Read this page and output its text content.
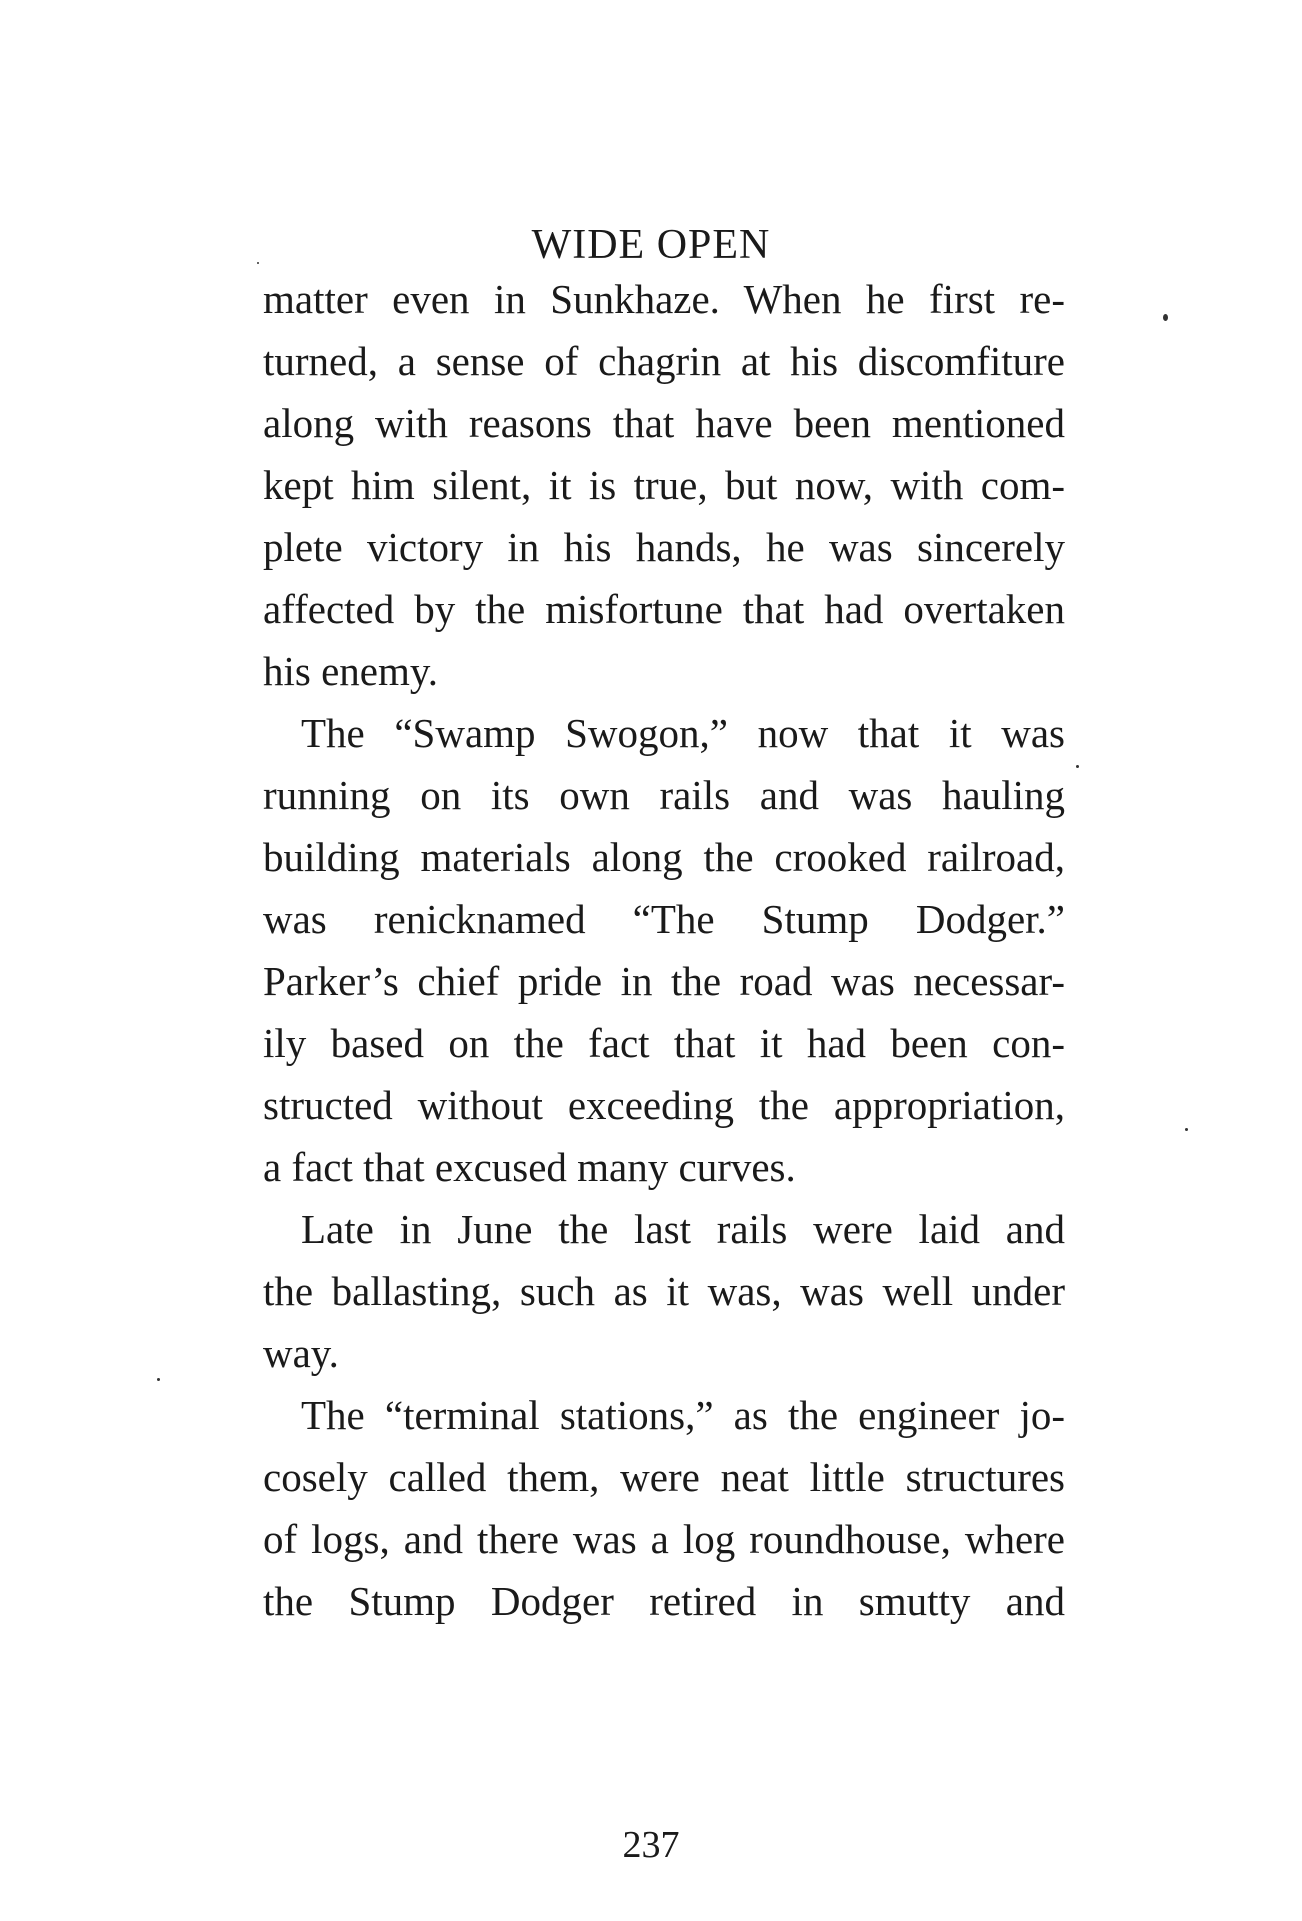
WIDE OPEN
matter even in Sunkhaze. When he first re-
turned, a sense of chagrin at his discomfiture
along with reasons that have been mentioned
kept him silent, it is true, but now, with com-
plete victory in his hands, he was sincerely
affected by the misfortune that had overtaken
his enemy.
The “Swamp Swogon,” now that it was
running on its own rails and was hauling
building materials along the crooked railroad,
was renicknamed “The Stump Dodger.”
Parker’s chief pride in the road was necessar-
ily based on the fact that it had been con-
structed without exceeding the appropriation,
a fact that excused many curves.
Late in June the last rails were laid and
the ballasting, such as it was, was well under
way.
The “terminal stations,” as the engineer jo-
cosely called them, were neat little structures
of logs, and there was a log roundhouse, where
the Stump Dodger retired in smutty and
237
